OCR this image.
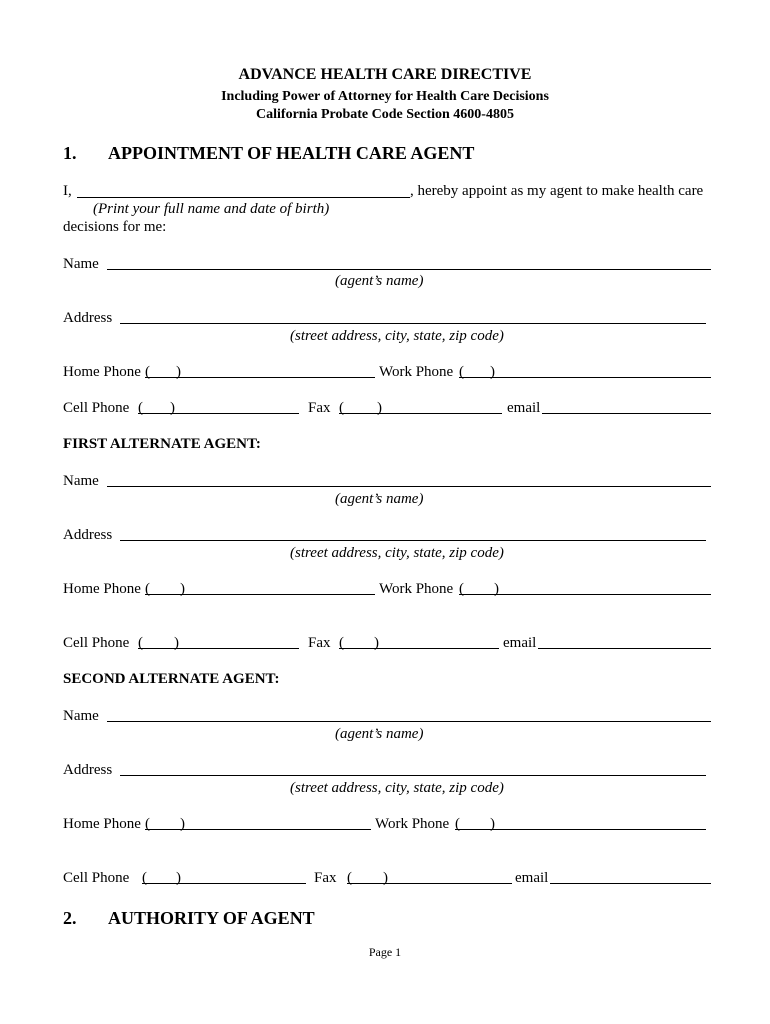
ADVANCE HEALTH CARE DIRECTIVE
Including Power of Attorney for Health Care Decisions
California Probate Code Section 4600-4805
1. APPOINTMENT OF HEALTH CARE AGENT
I,	, hereby appoint as my agent to make health care
(Print your full name and date of birth)
decisions for me:
Name
(agent’s name)
Address
(street address, city, state, zip code)
Home Phone ( )	Work Phone ( )
Cell Phone ( )	Fax ( )	email
FIRST ALTERNATE AGENT:
Name
(agent’s name)
Address
(street address, city, state, zip code)
Home Phone ( )	Work Phone ( )
Cell Phone ( )	Fax ( )	email
SECOND ALTERNATE AGENT:
Name
(agent’s name)
Address
(street address, city, state, zip code)
Home Phone ( )	Work Phone ( )
Cell Phone ( )	Fax ( )	email
2. AUTHORITY OF AGENT
Page 1
